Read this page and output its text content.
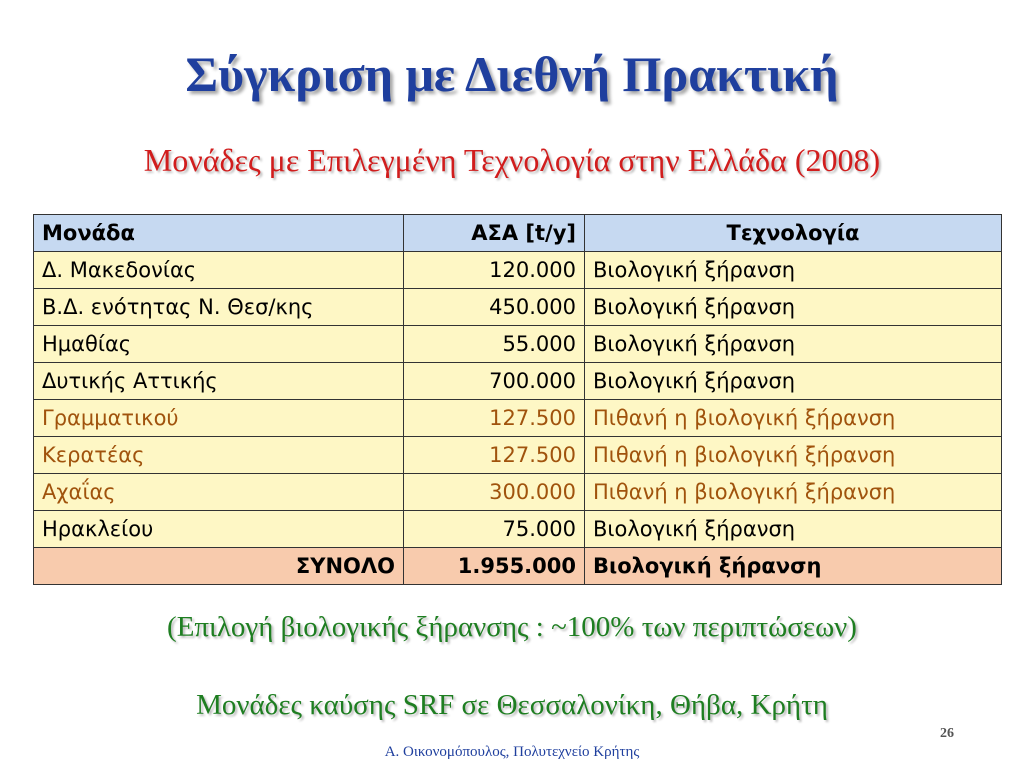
Σύγκριση με Διεθνή Πρακτική
Μονάδες με Επιλεγμένη Τεχνολογία στην Ελλάδα (2008)
Μονάδα	ΑΣΑ [t/y]	Τεχνολογία
Δ. Μακεδονίας	120.000	Βιολογική ξήρανση
Β.Δ. ενότητας Ν. Θεσ/κης	450.000	Βιολογική ξήρανση
Ημαθίας	55.000	Βιολογική ξήρανση
Δυτικής Αττικής	700.000	Βιολογική ξήρανση
Γραμματικού	127.500	Πιθανή η βιολογική ξήρανση
Κερατέας	127.500	Πιθανή η βιολογική ξήρανση
Αχαΐας	300.000	Πιθανή η βιολογική ξήρανση
Ηρακλείου	75.000	Βιολογική ξήρανση
ΣΥΝΟΛΟ	1.955.000	Βιολογική ξήρανση
(Επιλογή βιολογικής ξήρανσης : ~100% των περιπτώσεων)
Μονάδες καύσης SRF σε Θεσσαλονίκη, Θήβα, Κρήτη
26
Α. Οικονομόπουλος, Πολυτεχνείο Κρήτης
